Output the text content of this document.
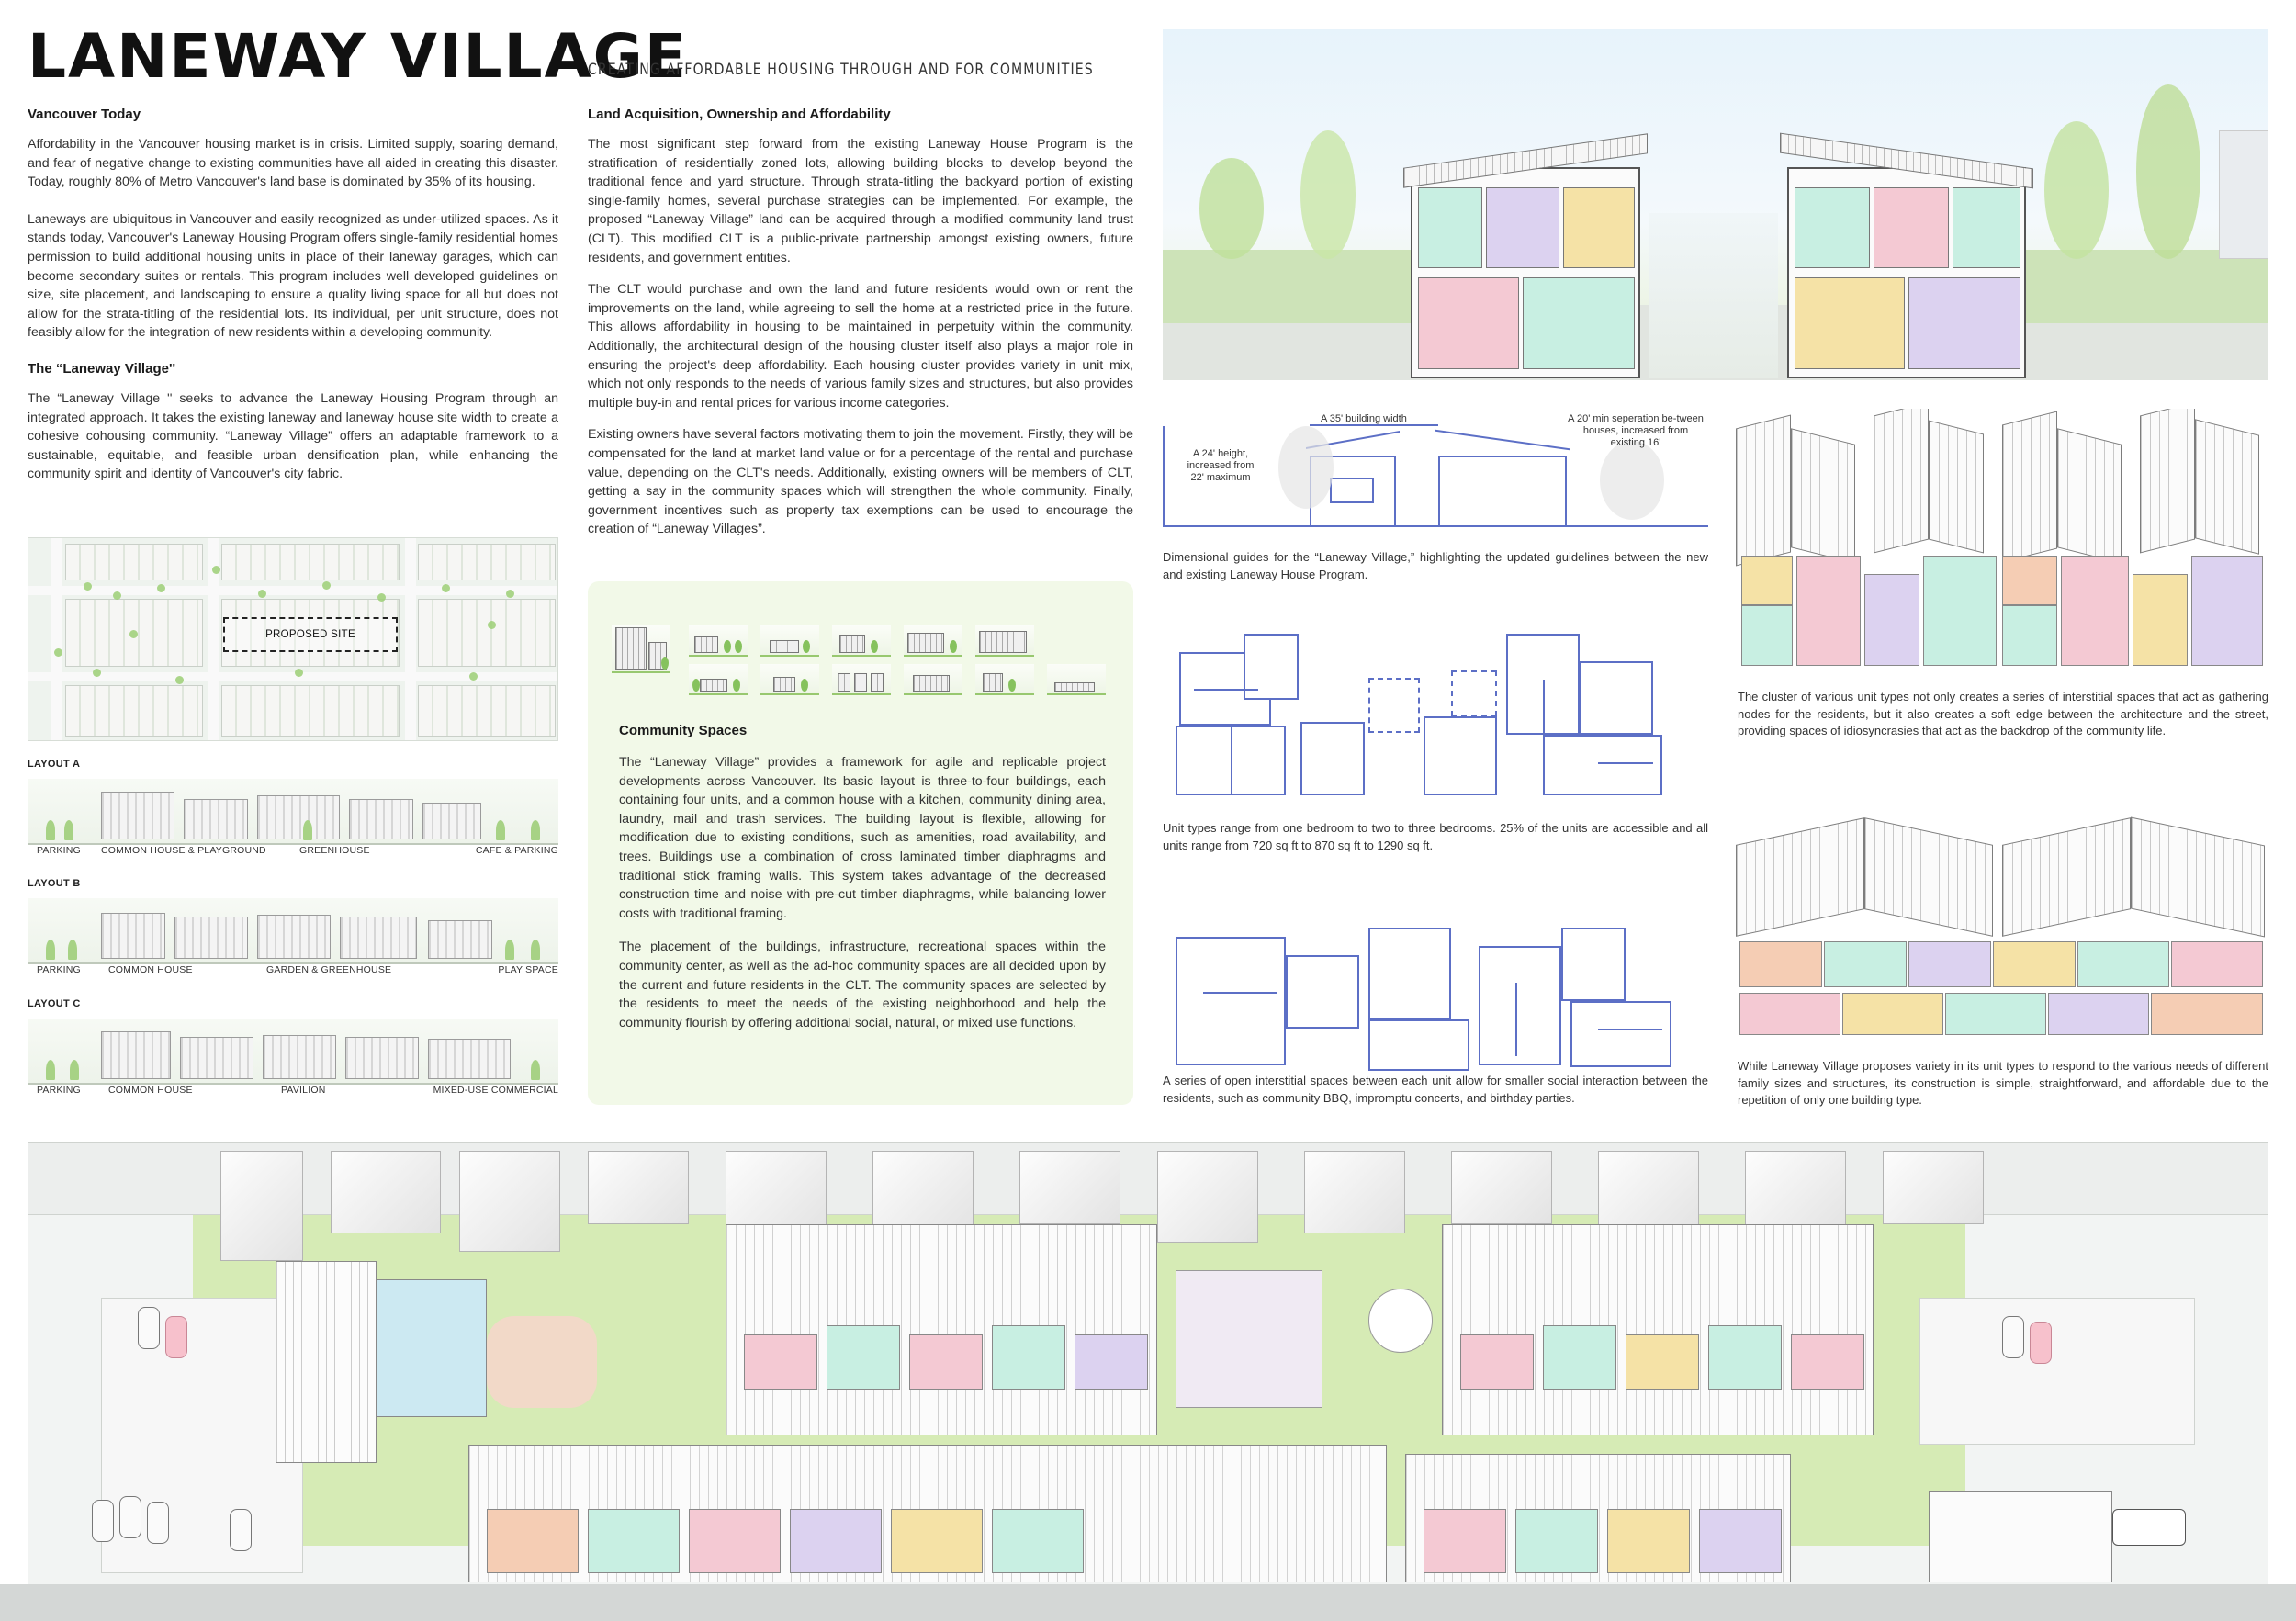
LANEWAY VILLAGE
CREATING AFFORDABLE HOUSING THROUGH AND FOR COMMUNITIES
Vancouver Today
Affordability in the Vancouver housing market is in crisis. Limited supply, soaring demand, and fear of negative change to existing communities have all aided in creating this disaster. Today, roughly 80% of Metro Vancouver's land base is dominated by 35% of its housing.
Laneways are ubiquitous in Vancouver and easily recognized as under-utilized spaces. As it stands today, Vancouver's Laneway Housing Program offers single-family residential homes permission to build additional housing units in place of their laneway garages, which can become secondary suites or rentals. This program includes well developed guidelines on size, site placement, and landscaping to ensure a quality living space for all but does not allow for the strata-titling of the residential lots. Its individual, per unit structure, does not feasibly allow for the integration of new residents within a developing community.
The “Laneway Village''
The “Laneway Village '' seeks to advance the Laneway Housing Program through an integrated approach. It takes the existing laneway and laneway house site width to create a cohesive cohousing community. “Laneway Village” offers an adaptable framework to a sustainable, equitable, and feasible urban densification plan, while enhancing the community spirit and identity of Vancouver's city fabric.
PROPOSED SITE
LAYOUT A
PARKING COMMON HOUSE & PLAYGROUND	GREENHOUSE	CAFE & PARKING
LAYOUT B
PARKING	COMMON HOUSE	GARDEN & GREENHOUSE	PLAY SPACE
LAYOUT C
PARKING	COMMON HOUSE	PAVILION	MIXED-USE COMMERCIAL
Land Acquisition, Ownership and Affordability
The most significant step forward from the existing Laneway House Program is the stratification of residentially zoned lots, allowing building blocks to develop beyond the traditional fence and yard structure. Through strata-titling the backyard portion of existing single-family homes, several purchase strategies can be implemented. For example, the proposed “Laneway Village” land can be acquired through a modified community land trust (CLT). This modified CLT is a public-private partnership amongst existing owners, future residents, and government entities.
The CLT would purchase and own the land and future residents would own or rent the improvements on the land, while agreeing to sell the home at a restricted price in the future. This allows affordability in housing to be maintained in perpetuity within the community. Additionally, the architectural design of the housing cluster itself also plays a major role in ensuring the project's deep affordability. Each housing cluster provides variety in unit mix, which not only responds to the needs of various family sizes and structures, but also provides multiple buy-in and rental prices for various income categories.
Existing owners have several factors motivating them to join the movement. Firstly, they will be compensated for the land at market land value or for a percentage of the rental and purchase value, depending on the CLT's needs. Additionally, existing owners will be members of CLT, getting a say in the community spaces which will strengthen the whole community. Finally, government incentives such as property tax exemptions can be used to encourage the creation of “Laneway Villages”.
Community Spaces
The “Laneway Village” provides a framework for agile and replicable project developments across Vancouver. Its basic layout is three-to-four buildings, each containing four units, and a common house with a kitchen, community dining area, laundry, mail and trash services. The building layout is flexible, allowing for modification due to existing conditions, such as amenities, road availability, and trees. Buildings use a combination of cross laminated timber diaphragms and traditional stick framing walls. This system takes advantage of the decreased construction time and noise with pre-cut timber diaphragms, while balancing lower costs with traditional framing.
The placement of the buildings, infrastructure, recreational spaces within the community center, as well as the ad-hoc community spaces are all decided upon by the current and future residents in the CLT. The community spaces are selected by the residents to meet the needs of the existing neighborhood and help the community flourish by offering additional social, natural, or mixed use functions.
A 24' height, increased from 22' maximum
A 35' building width	A 20' min seperation be-tween houses, increased from existing 16'
Dimensional guides for the “Laneway Village,” highlighting the updated guidelines between the new and existing Laneway House Program.
Unit types range from one bedroom to two to three bedrooms. 25% of the units are accessible and all units range from 720 sq ft to 870 sq ft to 1290 sq ft.
A series of open interstitial spaces between each unit allow for smaller social interaction between the residents, such as community BBQ, impromptu concerts, and birthday parties.
The cluster of various unit types not only creates a series of interstitial spaces that act as gathering nodes for the residents, but it also creates a soft edge between the architecture and the street, providing spaces of idiosyncrasies that act as the backdrop of the community life.
While Laneway Village proposes variety in its unit types to respond to the various needs of different family sizes and structures, its construction is simple, straightforward, and affordable due to the repetition of only one building type.
